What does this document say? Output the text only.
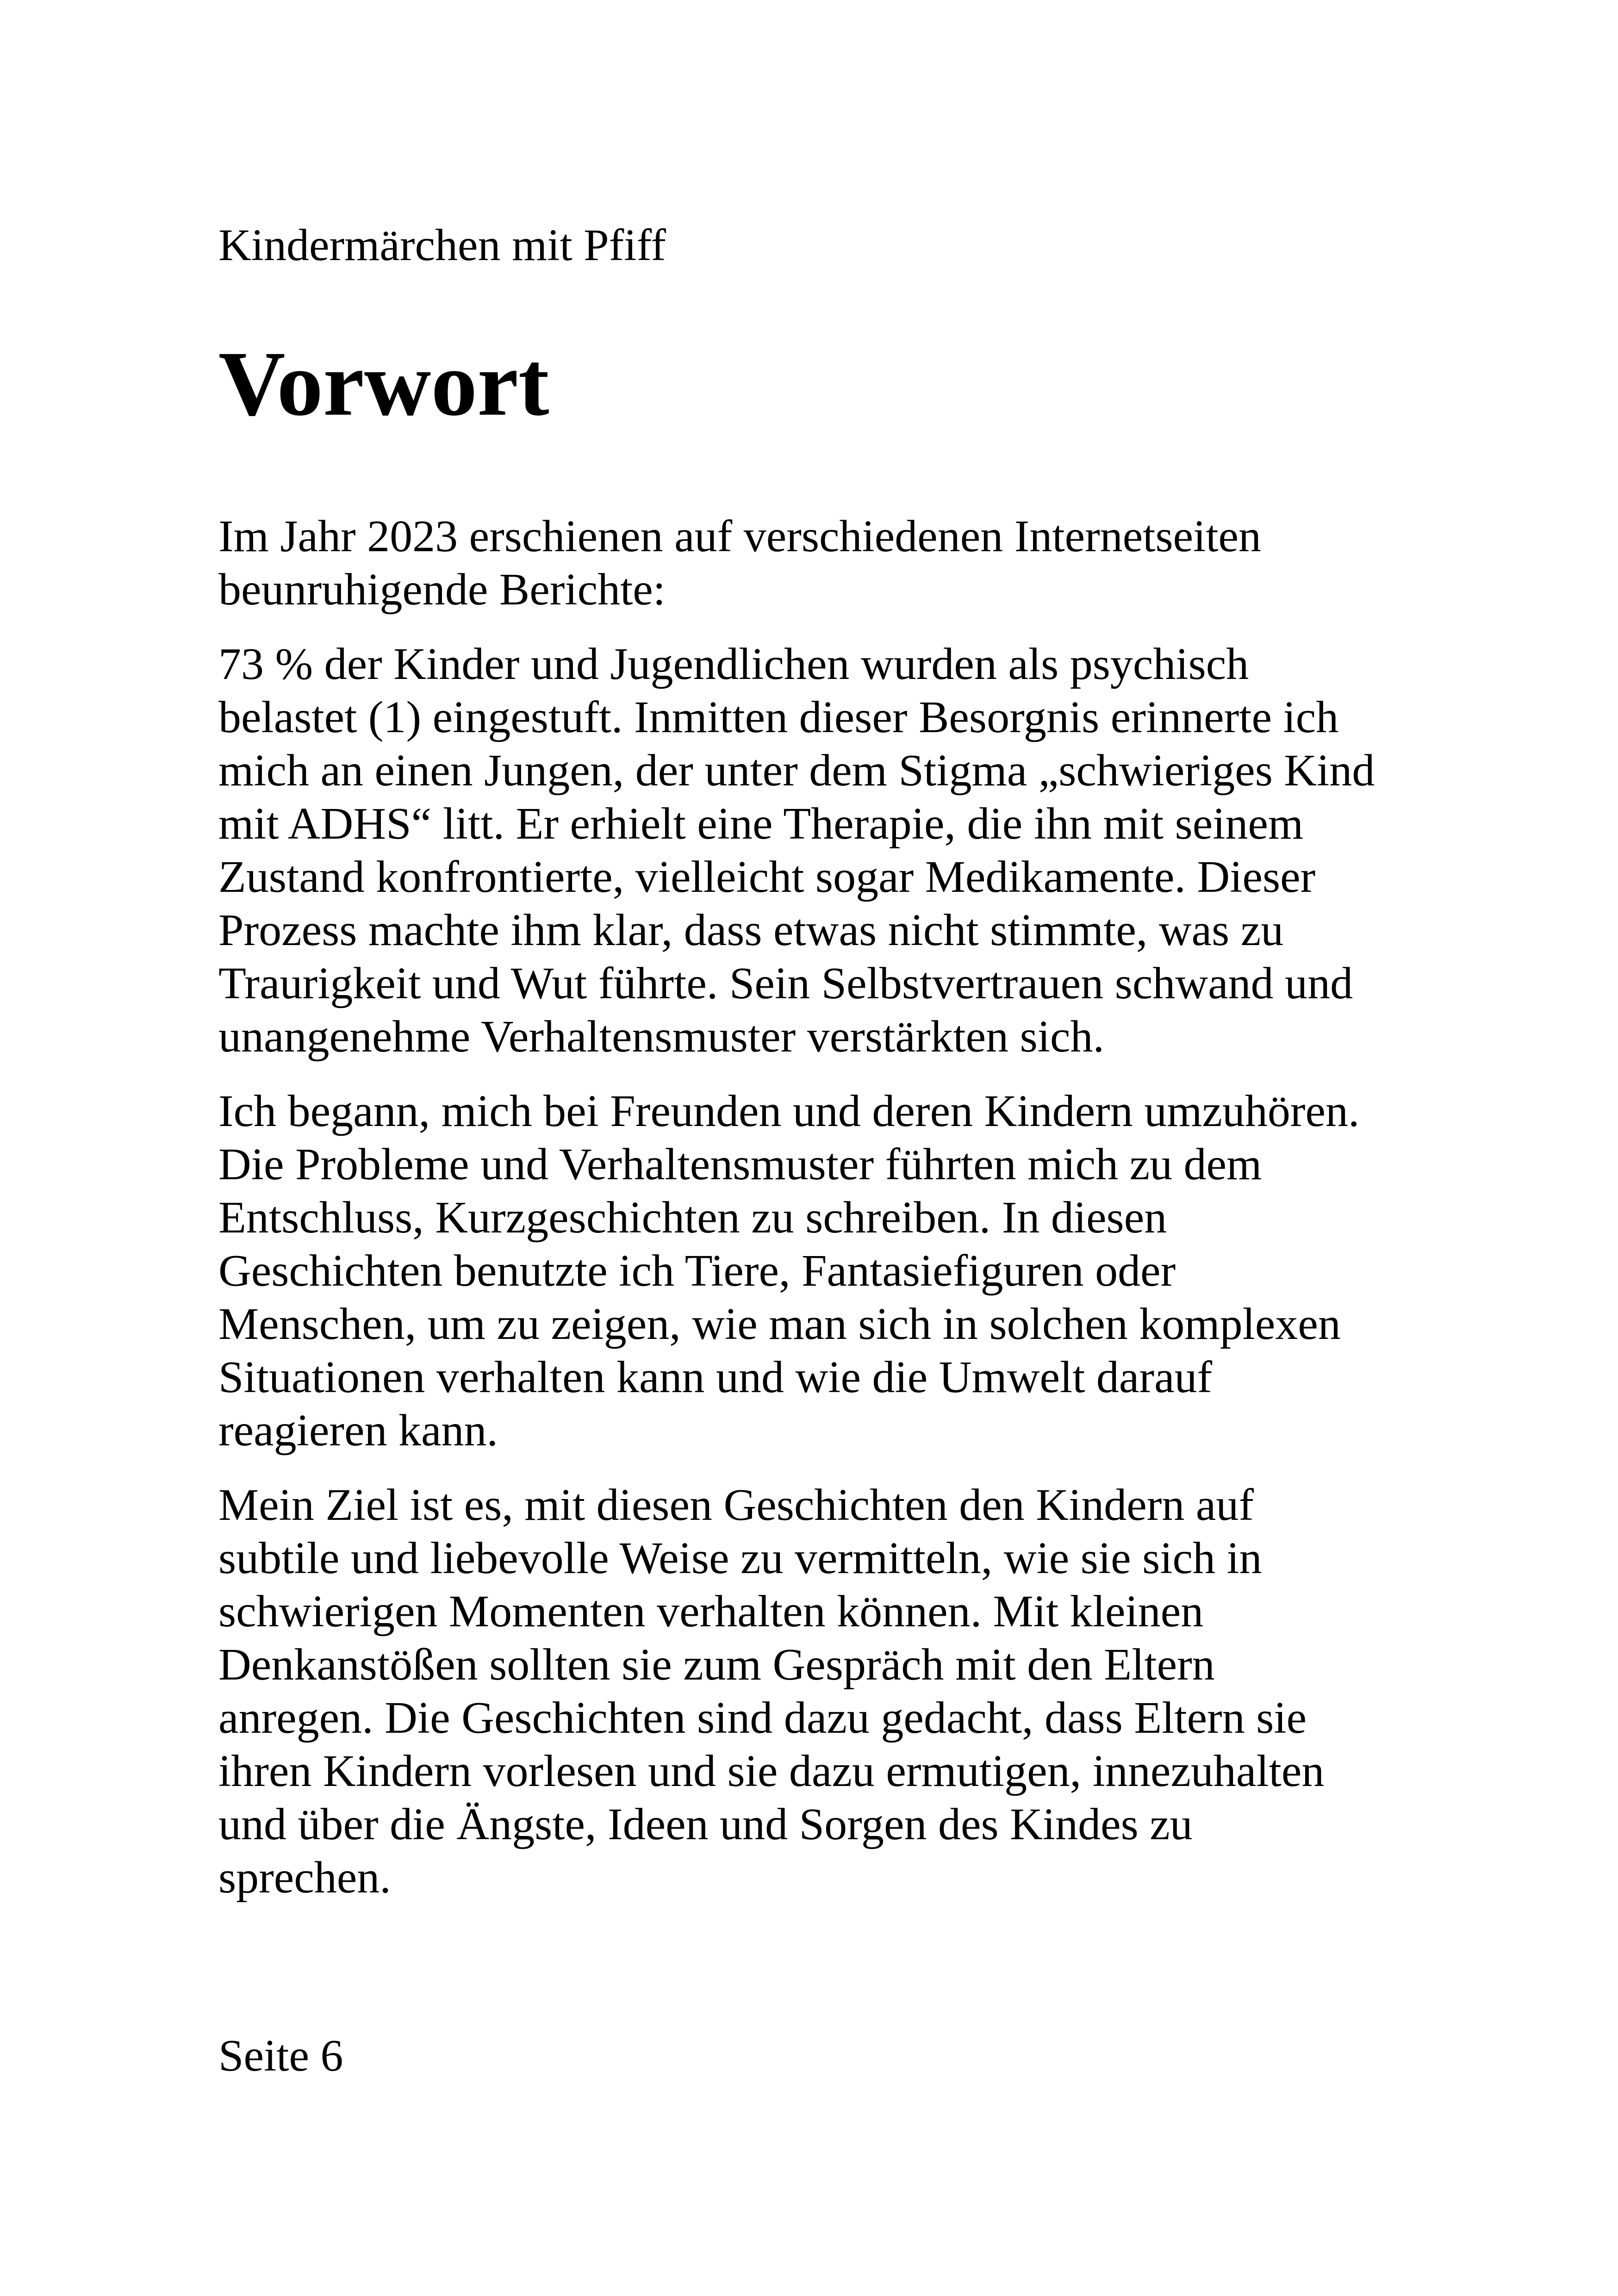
Kindermärchen mit Pfiff
Vorwort

Im Jahr 2023 erschienen auf verschiedenen Internetseiten
beunruhigende Berichte:

73 % der Kinder und Jugendlichen wurden als psychisch
belastet (1) eingestuft. Inmitten dieser Besorgnis erinnerte ich
mich an einen Jungen, der unter dem Stigma „schwieriges Kind
mit ADHS“ litt. Er erhielt eine Therapie, die ihn mit seinem
Zustand konfrontierte, vielleicht sogar Medikamente. Dieser
Prozess machte ihm klar, dass etwas nicht stimmte, was zu
Traurigkeit und Wut führte. Sein Selbstvertrauen schwand und
unangenehme Verhaltensmuster verstärkten sich.

Ich begann, mich bei Freunden und deren Kindern umzuhören.
Die Probleme und Verhaltensmuster führten mich zu dem
Entschluss, Kurzgeschichten zu schreiben. In diesen
Geschichten benutzte ich Tiere, Fantasiefiguren oder
Menschen, um zu zeigen, wie man sich in solchen komplexen
Situationen verhalten kann und wie die Umwelt darauf
reagieren kann.

Mein Ziel ist es, mit diesen Geschichten den Kindern auf
subtile und liebevolle Weise zu vermitteln, wie sie sich in
schwierigen Momenten verhalten können. Mit kleinen
Denkanstößen sollten sie zum Gespräch mit den Eltern
anregen. Die Geschichten sind dazu gedacht, dass Eltern sie
ihren Kindern vorlesen und sie dazu ermutigen, innezuhalten
und über die Ängste, Ideen und Sorgen des Kindes zu
sprechen.

Seite 6
